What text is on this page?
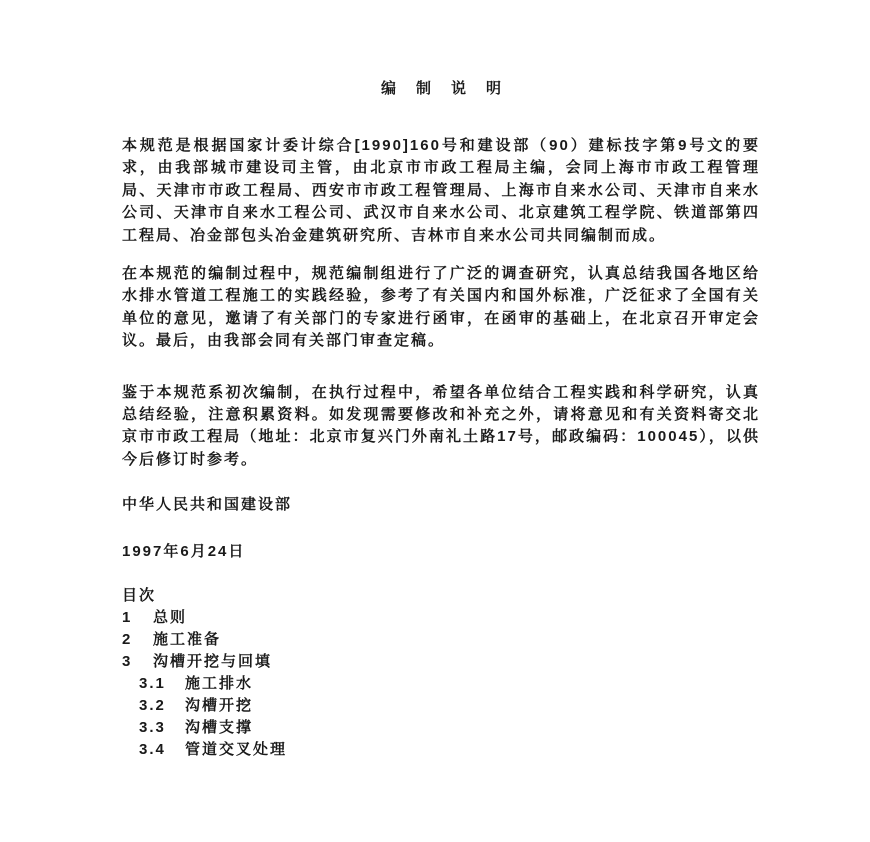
编制说明

本规范是根据国家计委计综合[1990]160号和建设部（90）建标技字第9号文的要求，由我部城市建设司主管，由北京市市政工程局主编，会同上海市市政工程管理局、天津市市政工程局、西安市市政工程管理局、上海市自来水公司、天津市自来水公司、天津市自来水工程公司、武汉市自来水公司、北京建筑工程学院、铁道部第四工程局、冶金部包头冶金建筑研究所、吉林市自来水公司共同编制而成。

在本规范的编制过程中，规范编制组进行了广泛的调查研究，认真总结我国各地区给水排水管道工程施工的实践经验，参考了有关国内和国外标准，广泛征求了全国有关单位的意见，邀请了有关部门的专家进行函审，在函审的基础上，在北京召开审定会议。最后，由我部会同有关部门审查定稿。

鉴于本规范系初次编制，在执行过程中，希望各单位结合工程实践和科学研究，认真总结经验，注意积累资料。如发现需要修改和补充之外，请将意见和有关资料寄交北京市市政工程局（地址：北京市复兴门外南礼土路17号，邮政编码：100045），以供今后修订时参考。

中华人民共和国建设部
1997年6月24日
目次
1 总则
2 施工准备
3 沟槽开挖与回填
3.1 施工排水
3.2 沟槽开挖
3.3 沟槽支撑
3.4 管道交叉处理
